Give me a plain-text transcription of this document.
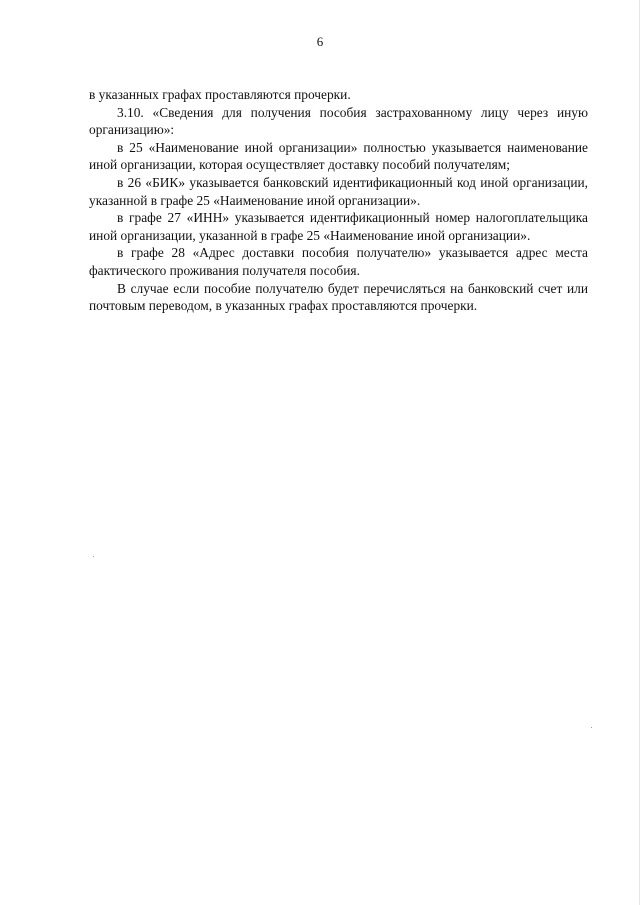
6

в указанных графах проставляются прочерки.

3.10. «Сведения для получения пособия застрахованному лицу через иную организацию»:

в 25 «Наименование иной организации» полностью указывается наименование иной организации, которая осуществляет доставку пособий получателям;

в 26 «БИК» указывается банковский идентификационный код иной организации, указанной в графе 25 «Наименование иной организации».

в графе 27 «ИНН» указывается идентификационный номер налогоплательщика иной организации, указанной в графе 25 «Наименование иной организации».

в графе 28 «Адрес доставки пособия получателю» указывается адрес места фактического проживания получателя пособия.

В случае если пособие получателю будет перечисляться на банковский счет или почтовым переводом, в указанных графах проставляются прочерки.
